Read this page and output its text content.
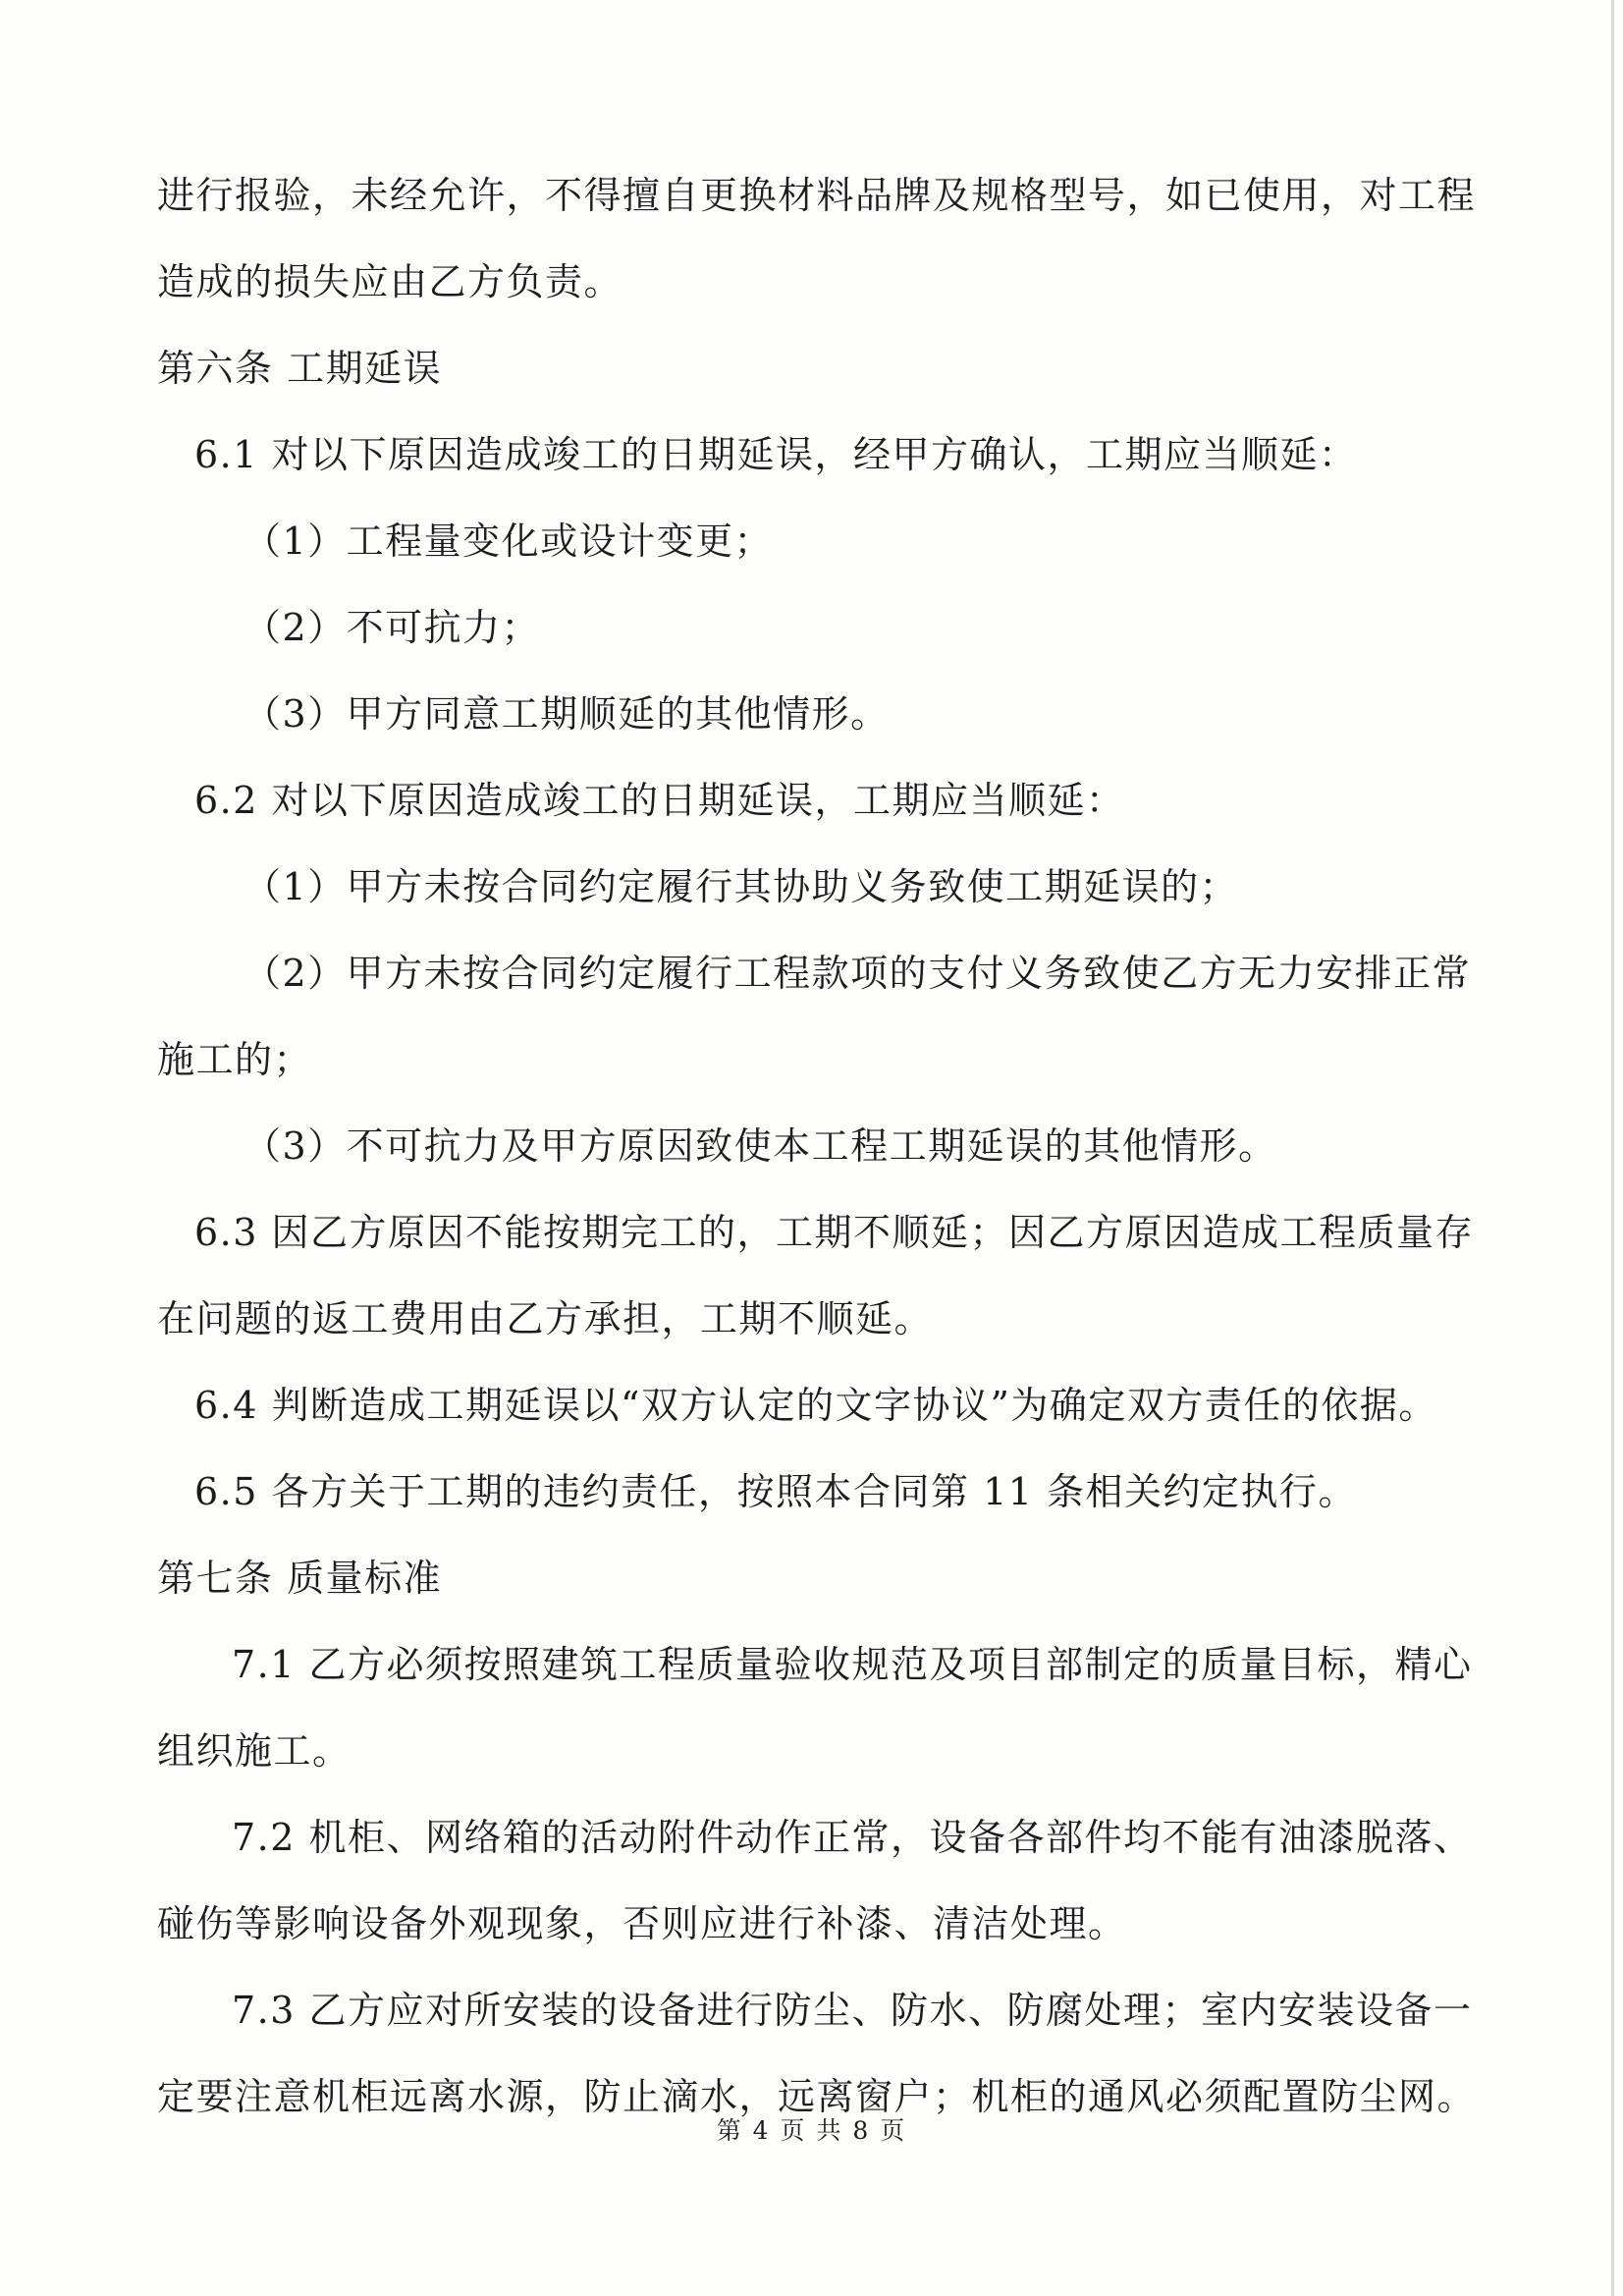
进行报验，未经允许，不得擅自更换材料品牌及规格型号，如已使用，对工程
造成的损失应由乙方负责。
第六条 工期延误
6.1 对以下原因造成竣工的日期延误，经甲方确认，工期应当顺延：
（1）工程量变化或设计变更；
（2）不可抗力；
（3）甲方同意工期顺延的其他情形。
6.2 对以下原因造成竣工的日期延误，工期应当顺延：
（1）甲方未按合同约定履行其协助义务致使工期延误的；
（2）甲方未按合同约定履行工程款项的支付义务致使乙方无力安排正常
施工的；
（3）不可抗力及甲方原因致使本工程工期延误的其他情形。
6.3 因乙方原因不能按期完工的，工期不顺延；因乙方原因造成工程质量存
在问题的返工费用由乙方承担，工期不顺延。
6.4 判断造成工期延误以“双方认定的文字协议”为确定双方责任的依据。
6.5 各方关于工期的违约责任，按照本合同第 11 条相关约定执行。
第七条 质量标准
7.1 乙方必须按照建筑工程质量验收规范及项目部制定的质量目标，精心
组织施工。
7.2 机柜、网络箱的活动附件动作正常，设备各部件均不能有油漆脱落、
碰伤等影响设备外观现象，否则应进行补漆、清洁处理。
7.3 乙方应对所安装的设备进行防尘、防水、防腐处理；室内安装设备一
定要注意机柜远离水源，防止滴水，远离窗户；机柜的通风必须配置防尘网。
第 4 页 共 8 页
